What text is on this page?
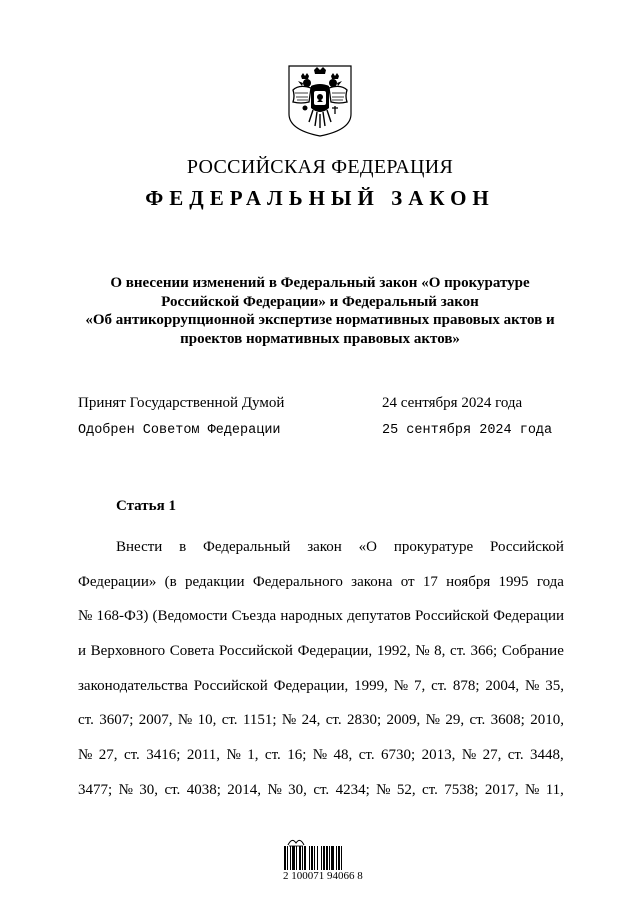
РОССИЙСКАЯ ФЕДЕРАЦИЯ
ФЕДЕРАЛЬНЫЙ ЗАКОН
О внесении изменений в Федеральный закон «О прокуратуре
Российской Федерации» и Федеральный закон
«Об антикоррупционной экспертизе нормативных правовых актов и
проектов нормативных правовых актов»
Принят Государственной Думой	24 сентября 2024 года
Одобрен Советом Федерации	25 сентября 2024 года
Статья 1
Внести в Федеральный закон «О прокуратуре Российской
Федерации» (в редакции Федерального закона от 17 ноября 1995 года
№ 168-ФЗ) (Ведомости Съезда народных депутатов Российской Федерации
и Верховного Совета Российской Федерации, 1992, № 8, ст. 366; Собрание
законодательства Российской Федерации, 1999, № 7, ст. 878; 2004, № 35,
ст. 3607; 2007, № 10, ст. 1151; № 24, ст. 2830; 2009, № 29, ст. 3608; 2010,
№ 27, ст. 3416; 2011, № 1, ст. 16; № 48, ст. 6730; 2013, № 27, ст. 3448,
3477; № 30, ст. 4038; 2014, № 30, ст. 4234; № 52, ст. 7538; 2017, № 11,
2 100071 94066 8
